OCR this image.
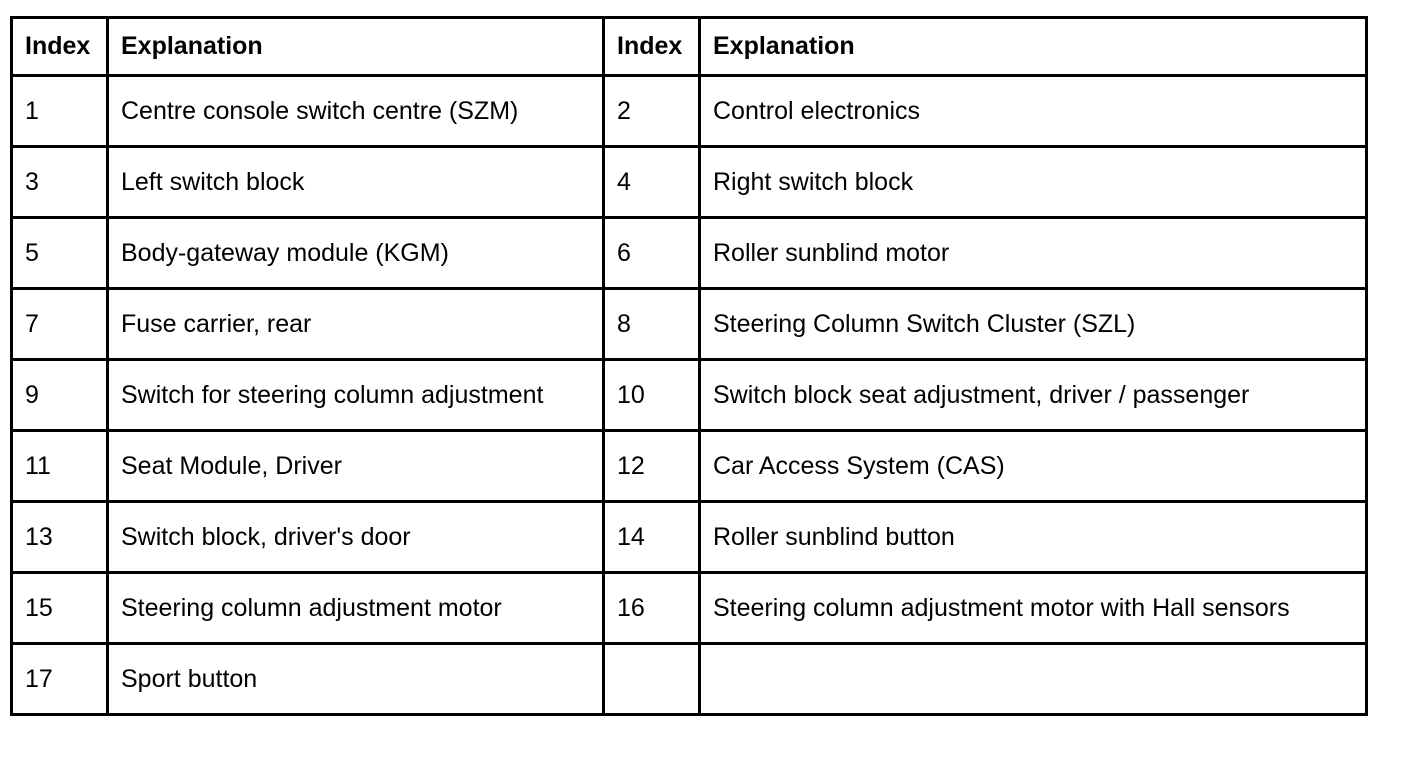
Index	Explanation	Index	Explanation
1	Centre console switch centre (SZM)	2	Control electronics
3	Left switch block	4	Right switch block
5	Body-gateway module (KGM)	6	Roller sunblind motor
7	Fuse carrier, rear	8	Steering Column Switch Cluster (SZL)
9	Switch for steering column adjustment	10	Switch block seat adjustment, driver / passenger
11	Seat Module, Driver	12	Car Access System (CAS)
13	Switch block, driver's door	14	Roller sunblind button
15	Steering column adjustment motor	16	Steering column adjustment motor with Hall sensors
17	Sport button		
